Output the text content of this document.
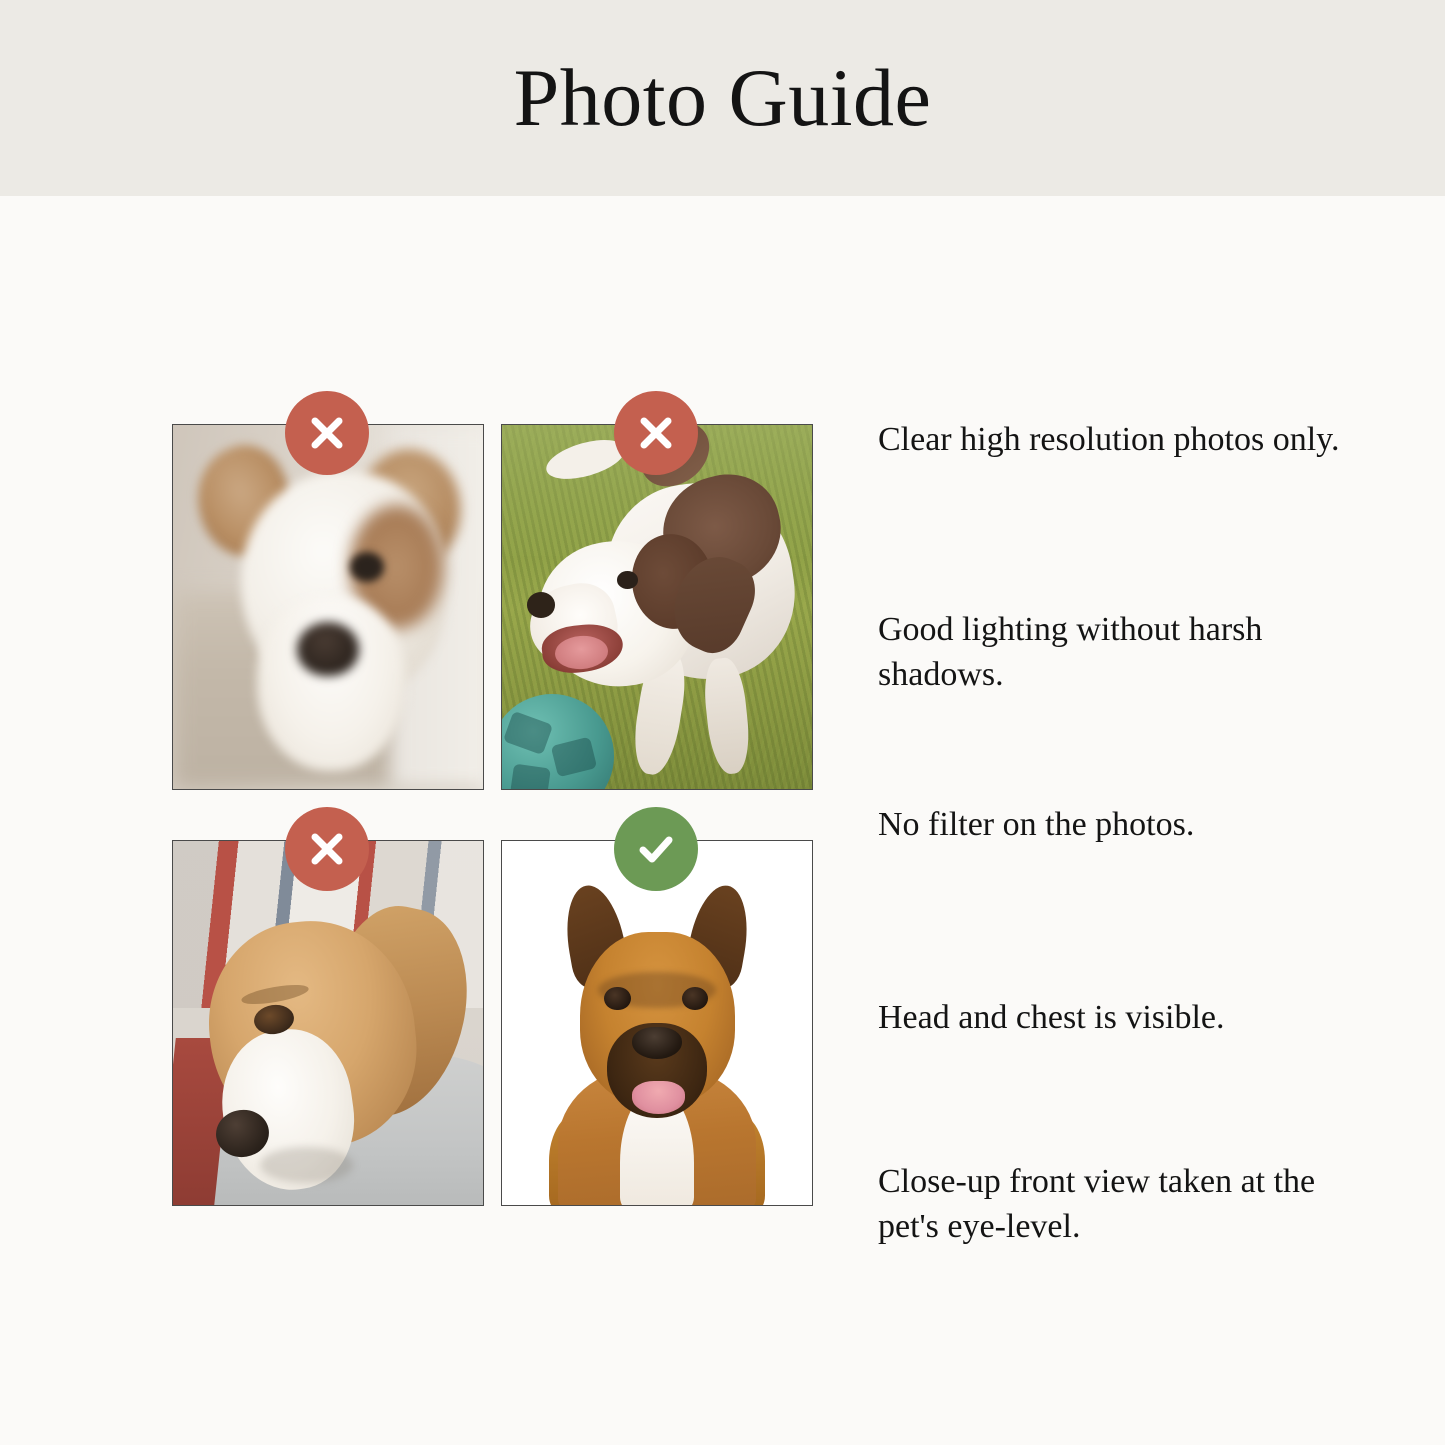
Photo Guide
Clear high resolution photos only.
Good lighting without harsh shadows.
No filter on the photos.
Head and chest is visible.
Close-up front view taken at the pet's eye-level.
